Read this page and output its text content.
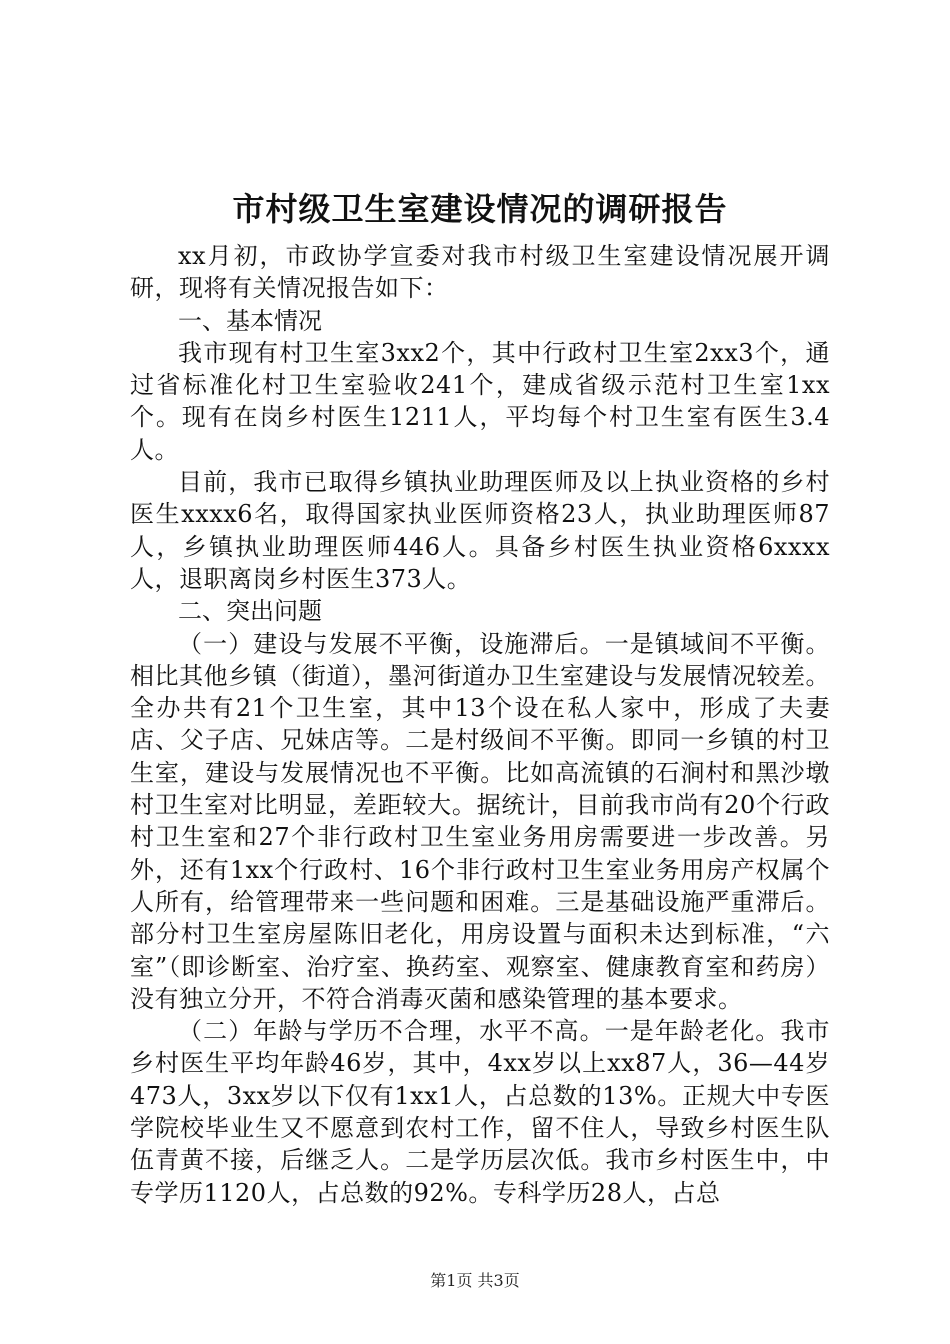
市村级卫生室建设情况的调研报告

xx月初，市政协学宣委对我市村级卫生室建设情况展开调研，现将有关情况报告如下：

一、基本情况

我市现有村卫生室3xx2个，其中行政村卫生室2xx3个，通过省标准化村卫生室验收241个，建成省级示范村卫生室1xx个。现有在岗乡村医生1211人，平均每个村卫生室有医生3.4人。

目前，我市已取得乡镇执业助理医师及以上执业资格的乡村医生xxxx6名，取得国家执业医师资格23人，执业助理医师87人，乡镇执业助理医师446人。具备乡村医生执业资格6xxxx人，退职离岗乡村医生373人。

二、突出问题

（一）建设与发展不平衡，设施滞后。一是镇域间不平衡。相比其他乡镇（街道），墨河街道办卫生室建设与发展情况较差。全办共有21个卫生室，其中13个设在私人家中，形成了夫妻店、父子店、兄妹店等。二是村级间不平衡。即同一乡镇的村卫生室，建设与发展情况也不平衡。比如高流镇的石涧村和黑沙墩村卫生室对比明显，差距较大。据统计，目前我市尚有20个行政村卫生室和27个非行政村卫生室业务用房需要进一步改善。另外，还有1xx个行政村、16个非行政村卫生室业务用房产权属个人所有，给管理带来一些问题和困难。三是基础设施严重滞后。部分村卫生室房屋陈旧老化，用房设置与面积未达到标准，“六室”（即诊断室、治疗室、换药室、观察室、健康教育室和药房）没有独立分开，不符合消毒灭菌和感染管理的基本要求。

（二）年龄与学历不合理，水平不高。一是年龄老化。我市乡村医生平均年龄46岁，其中，4xx岁以上xx87人，36—44岁473人，3xx岁以下仅有1xx1人，占总数的13%。正规大中专医学院校毕业生又不愿意到农村工作，留不住人，导致乡村医生队伍青黄不接，后继乏人。二是学历层次低。我市乡村医生中，中专学历1120人，占总数的92%。专科学历28人，占总

第1页 共3页
